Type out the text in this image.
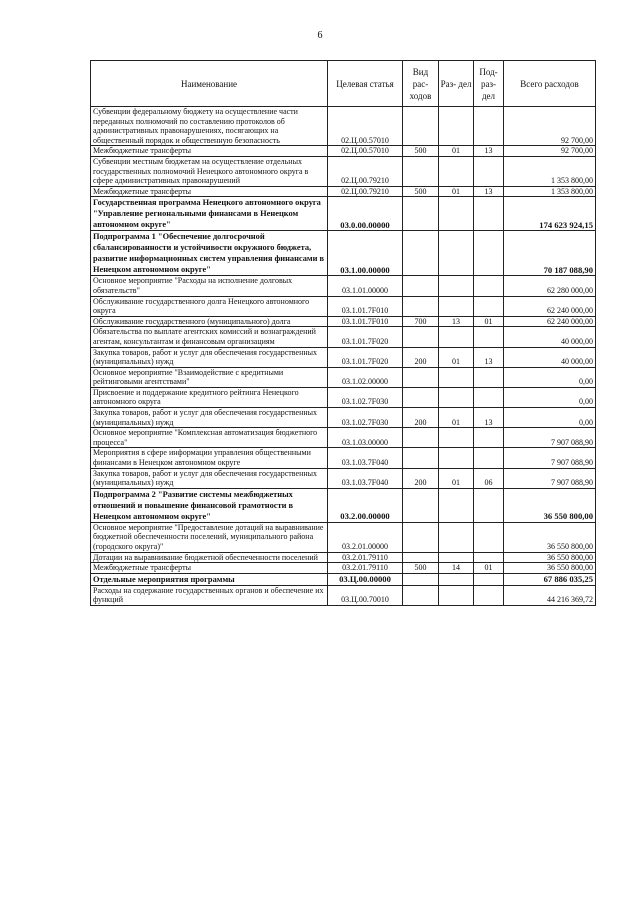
6
Наименование	Целевая статья	Вид рас- ходов	Раз- дел	Под- раз- дел	Всего расходов
Субвенции федеральному бюджету на осуществление части переданных полномочий по составлению протоколов об административных правонарушениях, посягающих на общественный порядок и общественную безопасность	02.Ц.00.57010				92 700,00
Межбюджетные трансферты	02.Ц.00.57010	500	01	13	92 700,00
Субвенции местным бюджетам на осуществление отдельных государственных полномочий Ненецкого автономного округа в сфере административных правонарушений	02.Ц.00.79210				1 353 800,00
Межбюджетные трансферты	02.Ц.00.79210	500	01	13	1 353 800,00
Государственная программа Ненецкого автономного округа "Управление региональными финансами в Ненецком автономном округе"	03.0.00.00000				174 623 924,15
Подпрограмма 1 "Обеспечение долгосрочной сбалансированности и устойчивости окружного бюджета, развитие информационных систем управления финансами в Ненецком автономном округе"	03.1.00.00000				70 187 088,90
Основное мероприятие "Расходы на исполнение долговых обязательств"	03.1.01.00000				62 280 000,00
Обслуживание государственного долга Ненецкого автономного округа	03.1.01.7F010				62 240 000,00
Обслуживание государственного (муниципального) долга	03.1.01.7F010	700	13	01	62 240 000,00
Обязательства по выплате агентских комиссий и вознаграждений агентам, консультантам и финансовым организациям	03.1.01.7F020				40 000,00
Закупка товаров, работ и услуг для обеспечения государственных (муниципальных) нужд	03.1.01.7F020	200	01	13	40 000,00
Основное мероприятие "Взаимодействие с кредитными рейтинговыми агентствами"	03.1.02.00000				0,00
Присвоение и поддержание кредитного рейтинга Ненецкого автономного округа	03.1.02.7F030				0,00
Закупка товаров, работ и услуг для обеспечения государственных (муниципальных) нужд	03.1.02.7F030	200	01	13	0,00
Основное мероприятие "Комплексная автоматизация бюджетного процесса"	03.1.03.00000				7 907 088,90
Мероприятия в сфере информации управления общественными финансами в Ненецком автономном округе	03.1.03.7F040				7 907 088,90
Закупка товаров, работ и услуг для обеспечения государственных (муниципальных) нужд	03.1.03.7F040	200	01	06	7 907 088,90
Подпрограмма 2 "Развитие системы межбюджетных отношений и повышение финансовой грамотности в Ненецком автономном округе"	03.2.00.00000				36 550 800,00
Основное мероприятие "Предоставление дотаций на выравнивание бюджетной обеспеченности поселений, муниципального района (городского округа)"	03.2.01.00000				36 550 800,00
Дотации на выравнивание бюджетной обеспеченности поселений	03.2.01.79110				36 550 800,00
Межбюджетные трансферты	03.2.01.79110	500	14	01	36 550 800,00
Отдельные мероприятия программы	03.Ц.00.00000				67 886 035,25
Расходы на содержание государственных органов и обеспечение их функций	03.Ц.00.70010				44 216 369,72
